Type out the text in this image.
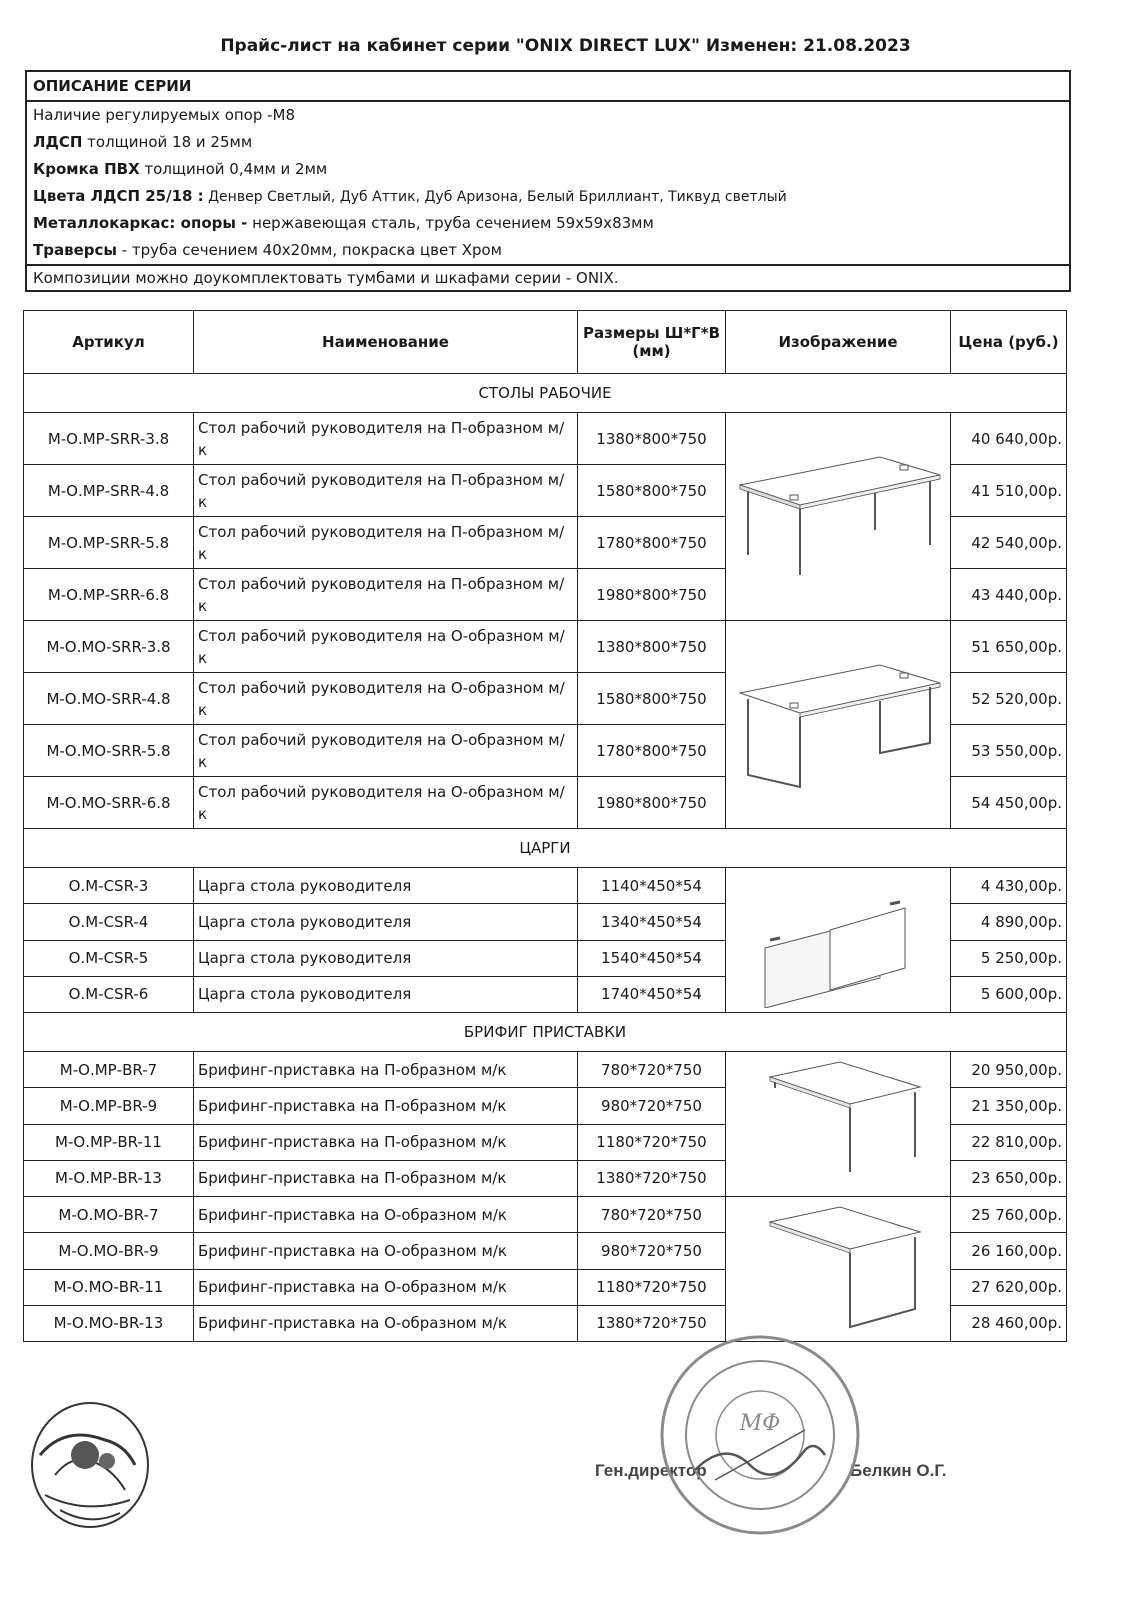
Прайс-лист на кабинет серии "ONIX DIRECT LUX" Изменен: 21.08.2023
ОПИСАНИЕ СЕРИИ
Наличие регулируемых опор -М8
ЛДСП толщиной 18 и 25мм
Кромка ПВХ толщиной 0,4мм и 2мм
Цвета ЛДСП 25/18 : Денвер Светлый, Дуб Аттик, Дуб Аризона, Белый Бриллиант, Тиквуд светлый
Металлокаркас: опоры - нержавеющая сталь, труба сечением 59х59х83мм
Траверсы - труба сечением 40х20мм, покраска цвет Хром
Композиции можно доукомплектовать тумбами и шкафами серии - ONIX.
Артикул	Наименование	Размеры Ш*Г*В (мм)	Изображение	Цена (руб.)
СТОЛЫ РАБОЧИЕ				
М-О.МР-SRR-3.8	Стол рабочий руководителя на П-образном м/к	1380*800*750		40 640,00р.
М-О.МР-SRR-4.8	Стол рабочий руководителя на П-образном м/к	1580*800*750		41 510,00р.
М-О.МР-SRR-5.8	Стол рабочий руководителя на П-образном м/к	1780*800*750		42 540,00р.
М-О.МР-SRR-6.8	Стол рабочий руководителя на П-образном м/к	1980*800*750		43 440,00р.
М-О.МО-SRR-3.8	Стол рабочий руководителя на О-образном м/к	1380*800*750		51 650,00р.
М-О.МО-SRR-4.8	Стол рабочий руководителя на О-образном м/к	1580*800*750		52 520,00р.
М-О.МО-SRR-5.8	Стол рабочий руководителя на О-образном м/к	1780*800*750		53 550,00р.
М-О.МО-SRR-6.8	Стол рабочий руководителя на О-образном м/к	1980*800*750		54 450,00р.
ЦАРГИ				
О.М-CSR-3	Царга стола руководителя	1140*450*54		4 430,00р.
О.М-CSR-4	Царга стола руководителя	1340*450*54		4 890,00р.
О.М-CSR-5	Царга стола руководителя	1540*450*54		5 250,00р.
О.М-CSR-6	Царга стола руководителя	1740*450*54		5 600,00р.
БРИФИГ ПРИСТАВКИ				
М-О.МР-BR-7	Брифинг-приставка на П-образном м/к	780*720*750		20 950,00р.
М-О.МР-BR-9	Брифинг-приставка на П-образном м/к	980*720*750		21 350,00р.
М-О.МР-BR-11	Брифинг-приставка на П-образном м/к	1180*720*750		22 810,00р.
М-О.МР-BR-13	Брифинг-приставка на П-образном м/к	1380*720*750		23 650,00р.
М-О.МО-BR-7	Брифинг-приставка на О-образном м/к	780*720*750		25 760,00р.
М-О.МО-BR-9	Брифинг-приставка на О-образном м/к	980*720*750		26 160,00р.
М-О.МО-BR-11	Брифинг-приставка на О-образном м/к	1180*720*750		27 620,00р.
М-О.МО-BR-13	Брифинг-приставка на О-образном м/к	1380*720*750		28 460,00р.
Ген.директор	Белкин О.Г.
МФ
